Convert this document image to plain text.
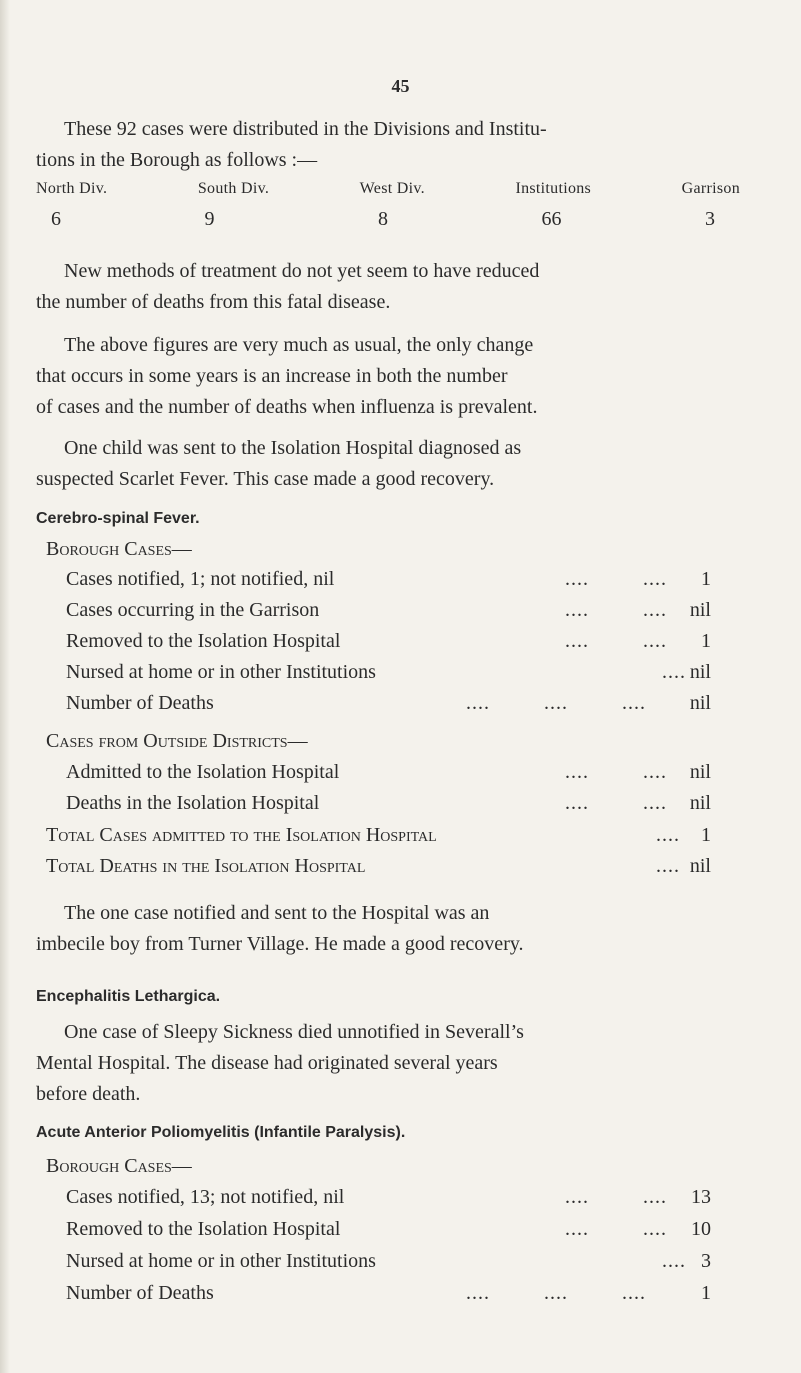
45
These 92 cases were distributed in the Divisions and Institu-
tions in the Borough as follows :—
North Div.	South Div.	West Div.	Institutions	Garrison
6	9	8	66	3
New methods of treatment do not yet seem to have reduced
the number of deaths from this fatal disease.
The above figures are very much as usual, the only change
that occurs in some years is an increase in both the number
of cases and the number of deaths when influenza is prevalent.
One child was sent to the Isolation Hospital diagnosed as
suspected Scarlet Fever. This case made a good recovery.
Cerebro-spinal Fever.
Borough Cases—
Cases notified, 1; not notified, nil	....         .... 1
Cases occurring in the Garrison	....         .... nil
Removed to the Isolation Hospital	....         .... 1
Nursed at home or in other Institutions	.... nil
Number of Deaths	....         ....         .... nil
Cases from Outside Districts—
Admitted to the Isolation Hospital	....         .... nil
Deaths in the Isolation Hospital	....         .... nil
Total Cases admitted to the Isolation Hospital	.... 1
Total Deaths in the Isolation Hospital	.... nil
The one case notified and sent to the Hospital was an
imbecile boy from Turner Village. He made a good recovery.
Encephalitis Lethargica.
One case of Sleepy Sickness died unnotified in Severall’s
Mental Hospital. The disease had originated several years
before death.
Acute Anterior Poliomyelitis (Infantile Paralysis).
Borough Cases—
Cases notified, 13; not notified, nil	....         .... 13
Removed to the Isolation Hospital	....         .... 10
Nursed at home or in other Institutions	.... 3
Number of Deaths	....         ....         ....	1
